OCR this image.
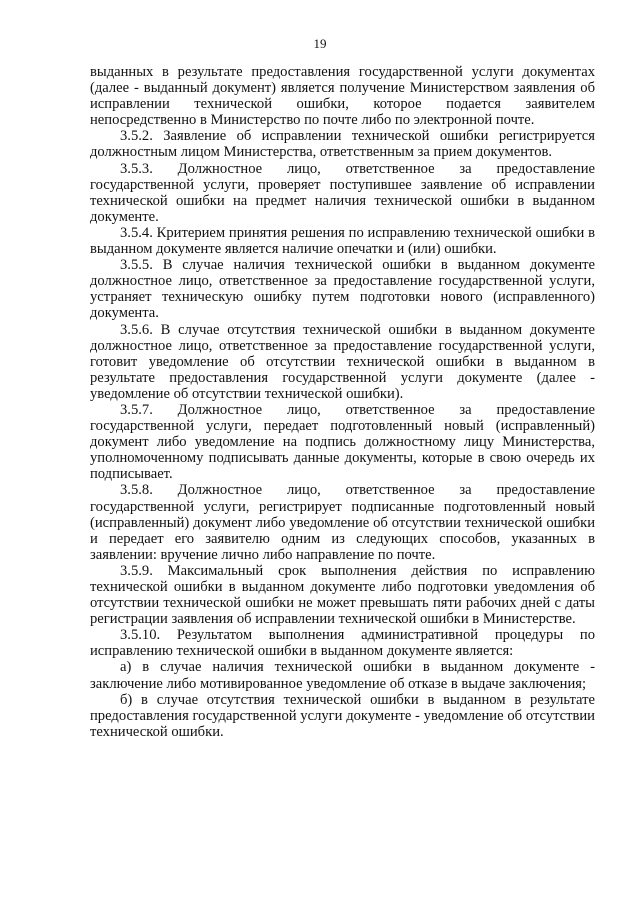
19

выданных в результате предоставления государственной услуги документах (далее - выданный документ) является получение Министерством заявления об исправлении технической ошибки, которое подается заявителем непосредственно в Министерство по почте либо по электронной почте.

3.5.2. Заявление об исправлении технической ошибки регистрируется должностным лицом Министерства, ответственным за прием документов.

3.5.3. Должностное лицо, ответственное за предоставление государственной услуги, проверяет поступившее заявление об исправлении технической ошибки на предмет наличия технической ошибки в выданном документе.

3.5.4. Критерием принятия решения по исправлению технической ошибки в выданном документе является наличие опечатки и (или) ошибки.

3.5.5. В случае наличия технической ошибки в выданном документе должностное лицо, ответственное за предоставление государственной услуги, устраняет техническую ошибку путем подготовки нового (исправленного) документа.

3.5.6. В случае отсутствия технической ошибки в выданном документе должностное лицо, ответственное за предоставление государственной услуги, готовит уведомление об отсутствии технической ошибки в выданном в результате предоставления государственной услуги документе (далее - уведомление об отсутствии технической ошибки).

3.5.7. Должностное лицо, ответственное за предоставление государственной услуги, передает подготовленный новый (исправленный) документ либо уведомление на подпись должностному лицу Министерства, уполномоченному подписывать данные документы, которые в свою очередь их подписывает.

3.5.8. Должностное лицо, ответственное за предоставление государственной услуги, регистрирует подписанные подготовленный новый (исправленный) документ либо уведомление об отсутствии технической ошибки и передает его заявителю одним из следующих способов, указанных в заявлении: вручение лично либо направление по почте.

3.5.9. Максимальный срок выполнения действия по исправлению технической ошибки в выданном документе либо подготовки уведомления об отсутствии технической ошибки не может превышать пяти рабочих дней с даты регистрации заявления об исправлении технической ошибки в Министерстве.

3.5.10. Результатом выполнения административной процедуры по исправлению технической ошибки в выданном документе является:

а) в случае наличия технической ошибки в выданном документе - заключение либо мотивированное уведомление об отказе в выдаче заключения;

б) в случае отсутствия технической ошибки в выданном в результате предоставления государственной услуги документе - уведомление об отсутствии технической ошибки.
